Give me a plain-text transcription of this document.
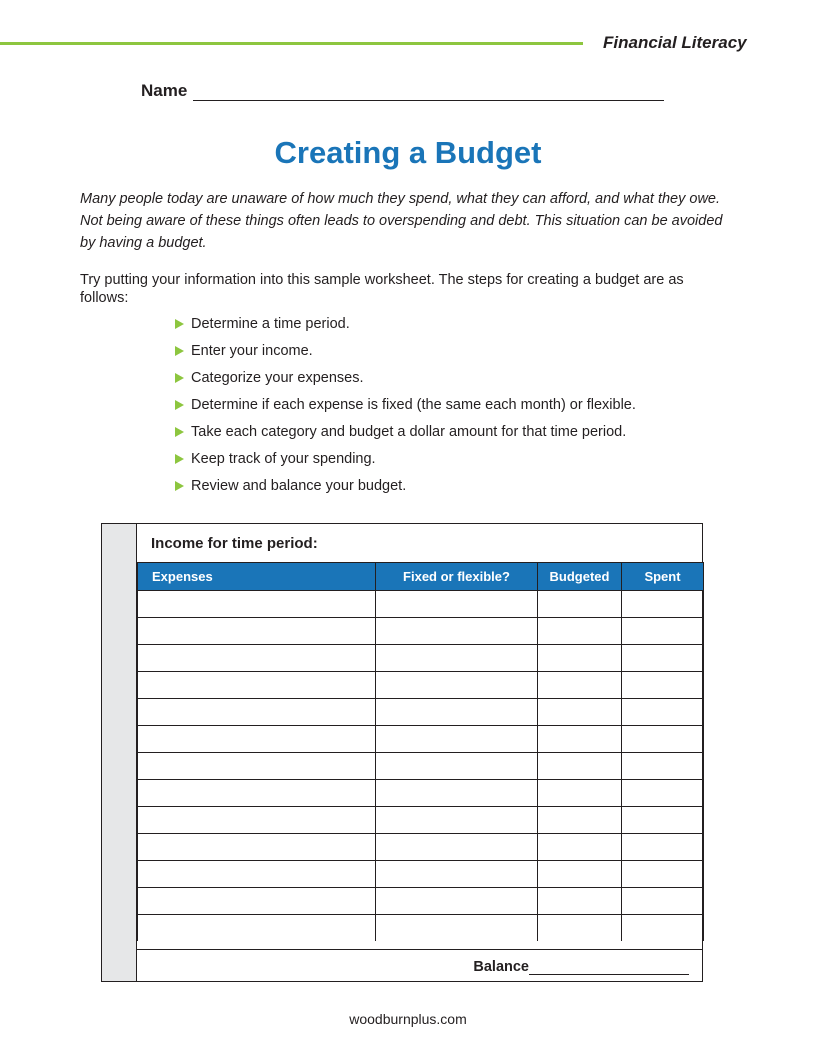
Financial Literacy
Name
Creating a Budget
Many people today are unaware of how much they spend, what they can afford, and what they owe. Not being aware of these things often leads to overspending and debt. This situation can be avoided by having a budget.
Try putting your information into this sample worksheet. The steps for creating a budget are as follows:
Determine a time period.
Enter your income.
Categorize your expenses.
Determine if each expense is fixed (the same each month) or flexible.
Take each category and budget a dollar amount for that time period.
Keep track of your spending.
Review and balance your budget.
Income for time period:
Expenses	Fixed or flexible?	Budgeted	Spent

Balance
woodburnplus.com
